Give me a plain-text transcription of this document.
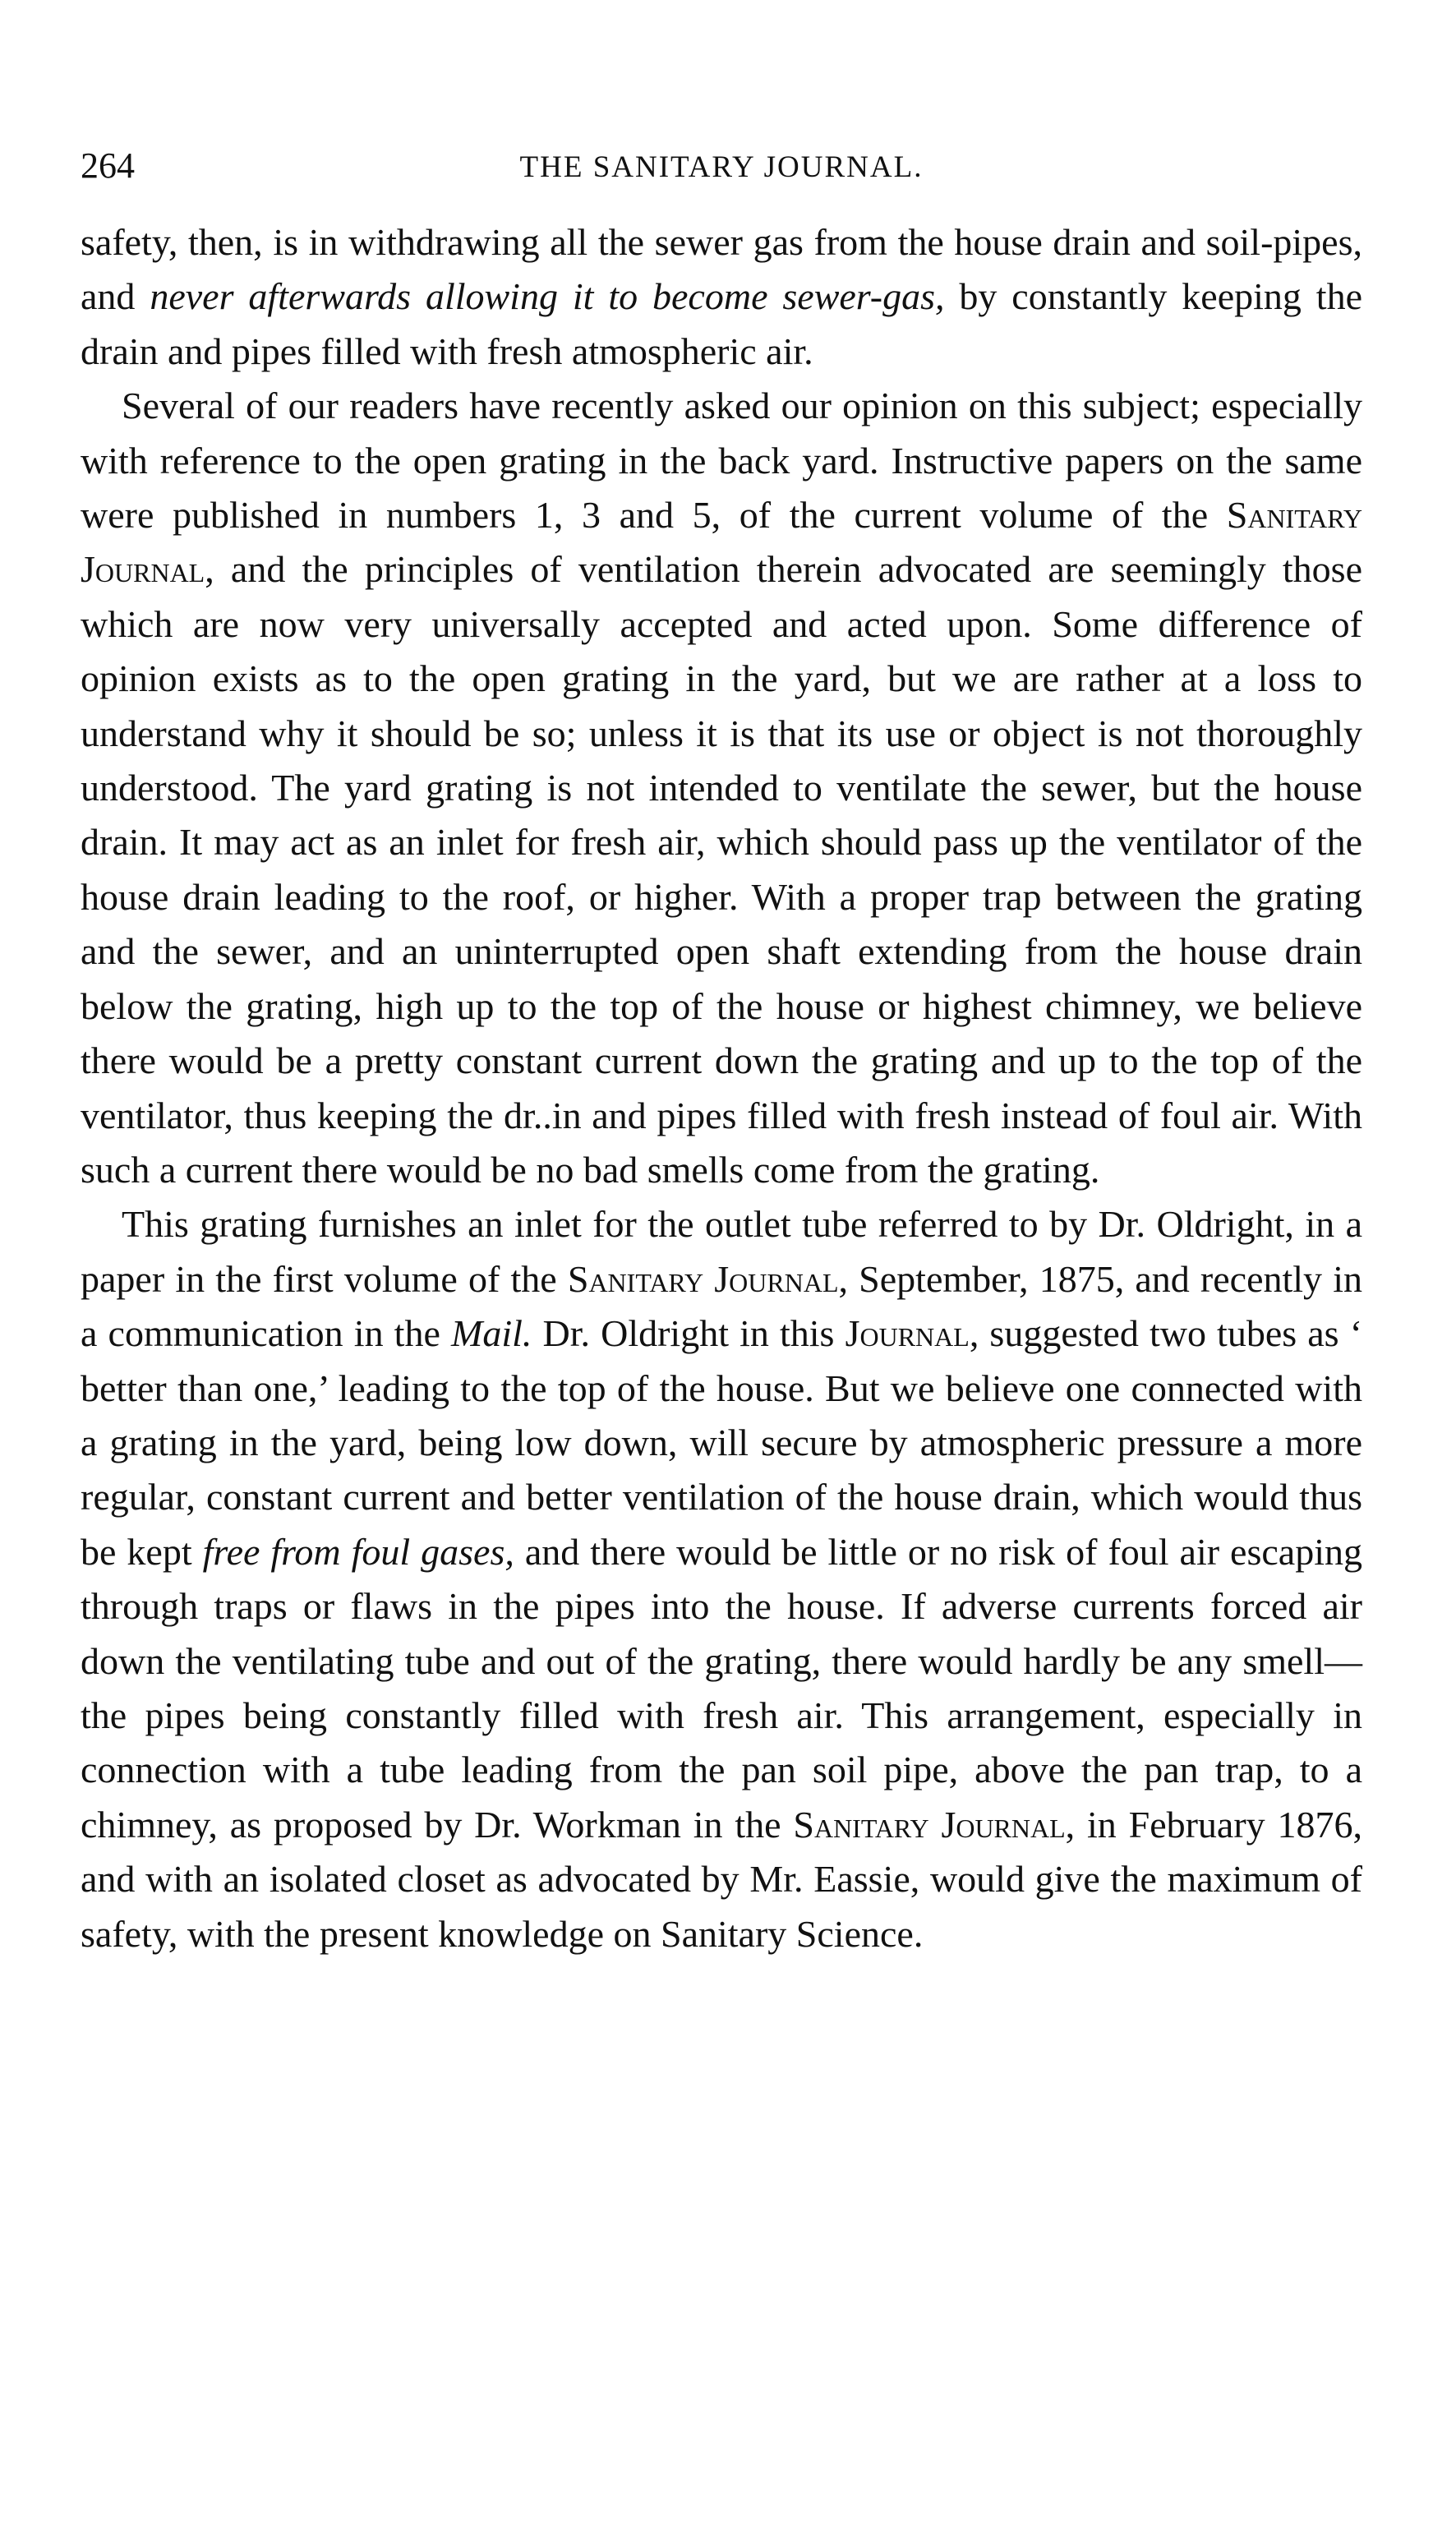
264	THE SANITARY JOURNAL.

safety, then, is in withdrawing all the sewer gas from the house drain and soil-pipes, and never afterwards allowing it to become sewer-gas, by constantly keeping the drain and pipes filled with fresh atmospheric air.

Several of our readers have recently asked our opinion on this subject; especially with reference to the open grating in the back yard. Instructive papers on the same were published in numbers 1, 3 and 5, of the current volume of the Sanitary Journal, and the principles of ventilation therein advocated are seemingly those which are now very universally accepted and acted upon. Some difference of opinion exists as to the open grating in the yard, but we are rather at a loss to understand why it should be so; unless it is that its use or object is not thoroughly understood. The yard grating is not intended to ventilate the sewer, but the house drain. It may act as an inlet for fresh air, which should pass up the ventilator of the house drain leading to the roof, or higher. With a proper trap between the grating and the sewer, and an uninterrupted open shaft extending from the house drain below the grating, high up to the top of the house or highest chimney, we believe there would be a pretty constant current down the grating and up to the top of the ventilator, thus keeping the dr..in and pipes filled with fresh instead of foul air. With such a current there would be no bad smells come from the grating.

This grating furnishes an inlet for the outlet tube referred to by Dr. Oldright, in a paper in the first volume of the Sanitary Journal, September, 1875, and recently in a communication in the Mail. Dr. Oldright in this Journal, suggested two tubes as ‘ better than one,’ leading to the top of the house. But we believe one connected with a grating in the yard, being low down, will secure by atmospheric pressure a more regular, constant current and better ventilation of the house drain, which would thus be kept free from foul gases, and there would be little or no risk of foul air escaping through traps or flaws in the pipes into the house. If adverse currents forced air down the ventilating tube and out of the grating, there would hardly be any smell—the pipes being constantly filled with fresh air. This arrangement, especially in connection with a tube leading from the pan soil pipe, above the pan trap, to a chimney, as proposed by Dr. Workman in the Sanitary Journal, in February 1876, and with an isolated closet as advocated by Mr. Eassie, would give the maximum of safety, with the present knowledge on Sanitary Science.
